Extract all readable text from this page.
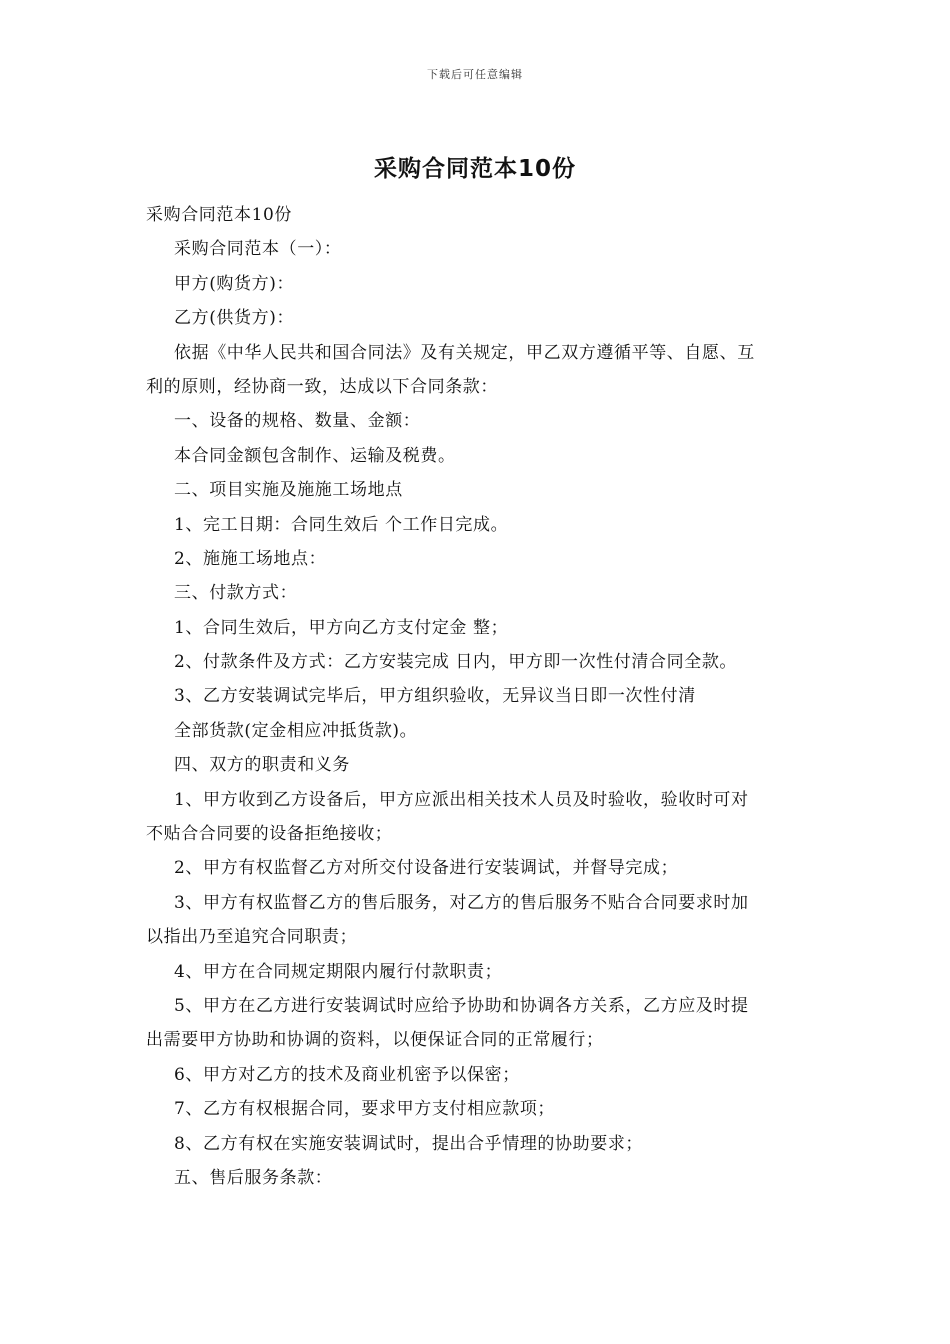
下载后可任意编辑
采购合同范本10份
采购合同范本10份
采购合同范本（一）：
甲方(购货方)：
乙方(供货方)：
依据《中华人民共和国合同法》及有关规定，甲乙双方遵循平等、自愿、互
利的原则，经协商一致，达成以下合同条款：
一、设备的规格、数量、金额：
本合同金额包含制作、运输及税费。
二、项目实施及施施工场地点
1、完工日期：合同生效后 个工作日完成。
2、施施工场地点：
三、付款方式：
1、合同生效后，甲方向乙方支付定金 整；
2、付款条件及方式：乙方安装完成 日内，甲方即一次性付清合同全款。
3、乙方安装调试完毕后，甲方组织验收，无异议当日即一次性付清
全部货款(定金相应冲抵货款)。
四、双方的职责和义务
1、甲方收到乙方设备后，甲方应派出相关技术人员及时验收，验收时可对
不贴合合同要的设备拒绝接收；
2、甲方有权监督乙方对所交付设备进行安装调试，并督导完成；
3、甲方有权监督乙方的售后服务，对乙方的售后服务不贴合合同要求时加
以指出乃至追究合同职责；
4、甲方在合同规定期限内履行付款职责；
5、甲方在乙方进行安装调试时应给予协助和协调各方关系，乙方应及时提
出需要甲方协助和协调的资料，以便保证合同的正常履行；
6、甲方对乙方的技术及商业机密予以保密；
7、乙方有权根据合同，要求甲方支付相应款项；
8、乙方有权在实施安装调试时，提出合乎情理的协助要求；
五、售后服务条款：
